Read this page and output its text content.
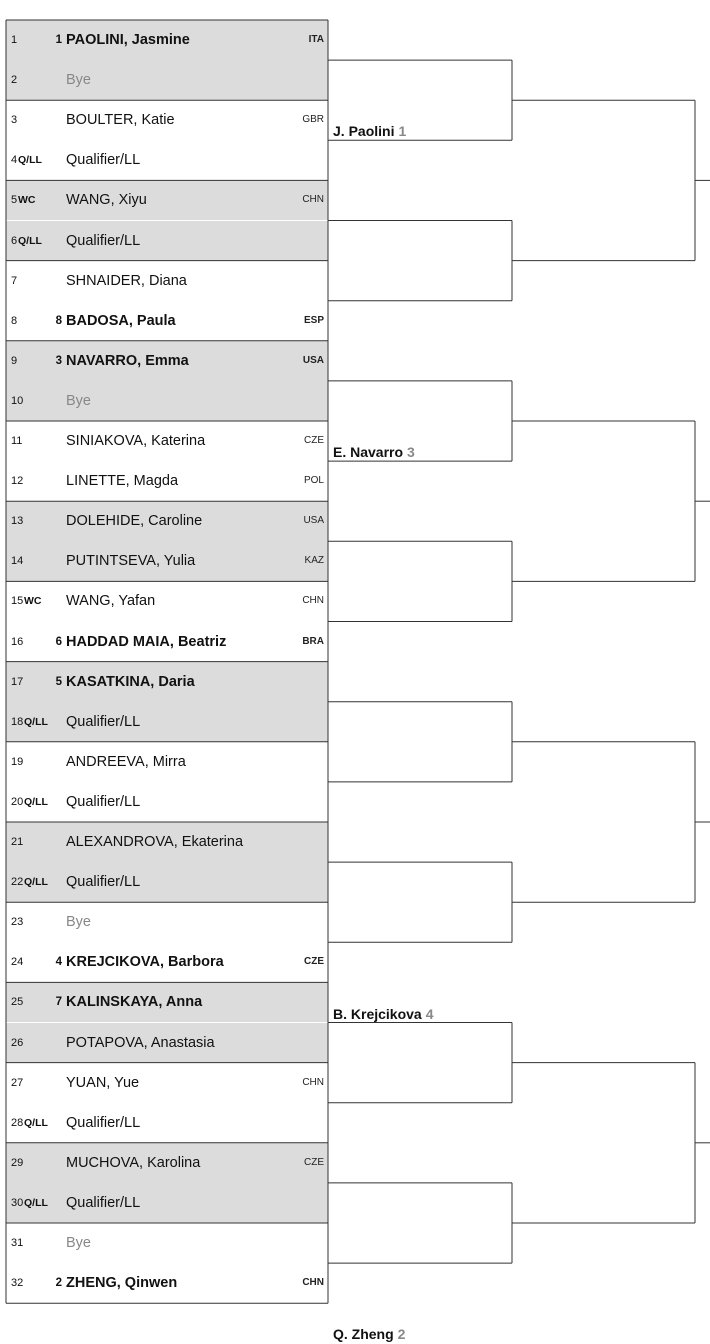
1	1 PAOLINI, Jasmine	ITA
2	Bye
3	BOULTER, Katie	GBR
4 Q/LL Qualifier/LL
5 WC WANG, Xiyu	CHN
6 Q/LL Qualifier/LL
7	SHNAIDER, Diana
8	8 BADOSA, Paula	ESP
9	3 NAVARRO, Emma	USA
10	Bye
11	SINIAKOVA, Katerina	CZE
12	LINETTE, Magda	POL
13	DOLEHIDE, Caroline	USA
14	PUTINTSEVA, Yulia	KAZ
15 WC WANG, Yafan	CHN
16	6 HADDAD MAIA, Beatriz	BRA
17	5 KASATKINA, Daria
18 Q/LL Qualifier/LL
19	ANDREEVA, Mirra
20 Q/LL Qualifier/LL
21	ALEXANDROVA, Ekaterina
22 Q/LL Qualifier/LL
23	Bye
24	4 KREJCIKOVA, Barbora	CZE
25	7 KALINSKAYA, Anna
26	POTAPOVA, Anastasia
27	YUAN, Yue	CHN
28 Q/LL Qualifier/LL
29	MUCHOVA, Karolina	CZE
30 Q/LL Qualifier/LL
31	Bye
32	2 ZHENG, Qinwen	CHN
J. Paolini 1
E. Navarro 3
B. Krejcikova 4
Q. Zheng 2
